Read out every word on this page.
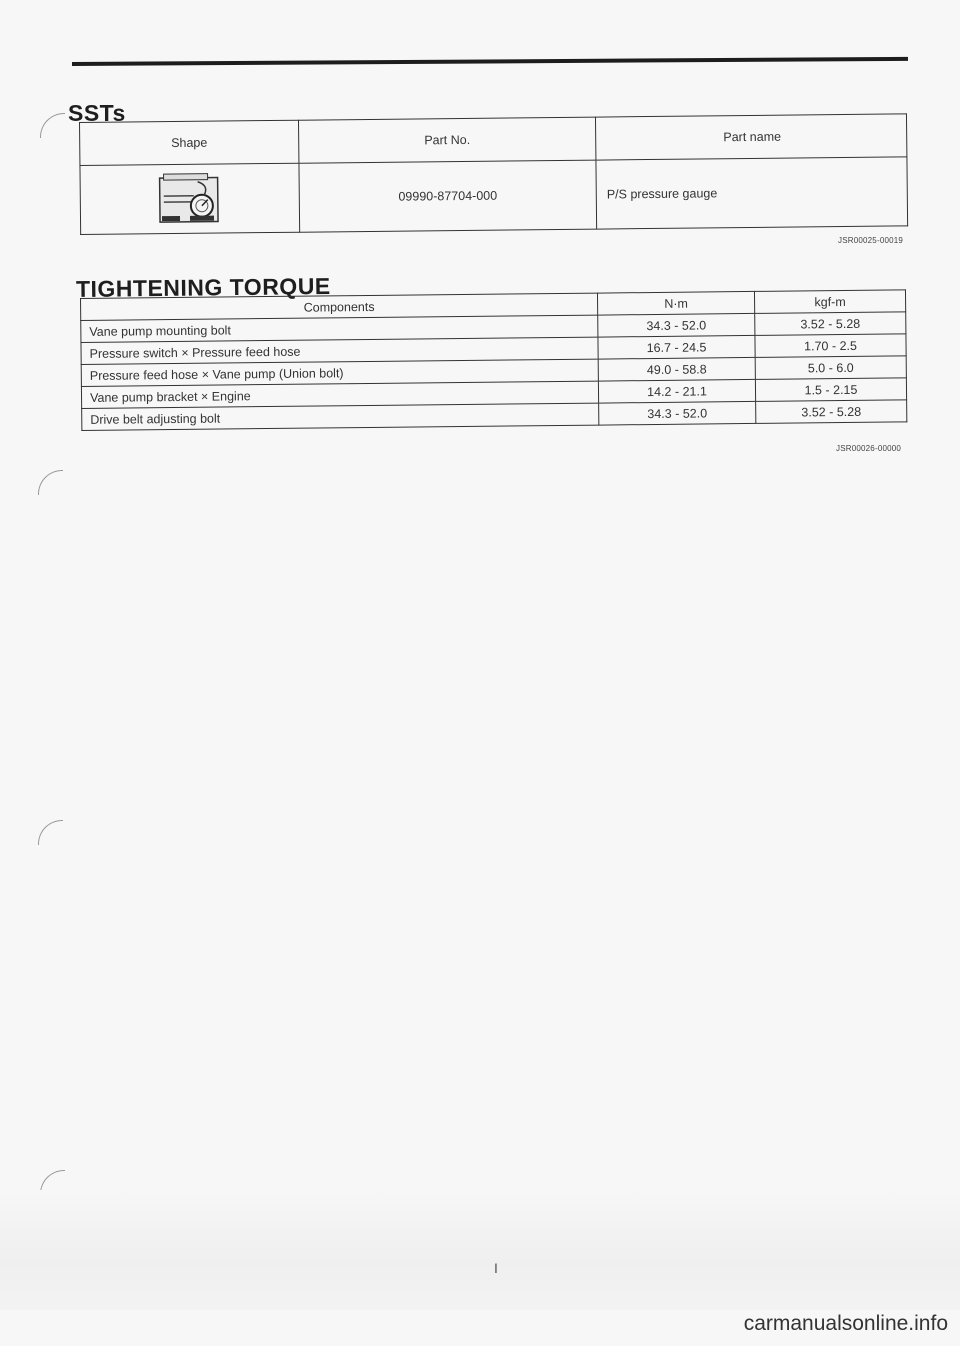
SSTs
Shape	Part No.	Part name
	09990-87704-000	P/S pressure gauge
JSR00025-00019
TIGHTENING TORQUE
Components	N·m	kgf-m
Vane pump mounting bolt	34.3 - 52.0	3.52 - 5.28
Pressure switch × Pressure feed hose	16.7 - 24.5	1.70 - 2.5
Pressure feed hose × Vane pump (Union bolt)	49.0 - 58.8	5.0 - 6.0
Vane pump bracket × Engine	14.2 - 21.1	1.5 - 2.15
Drive belt adjusting bolt	34.3 - 52.0	3.52 - 5.28
JSR00026-00000
I
carmanualsonline.info
